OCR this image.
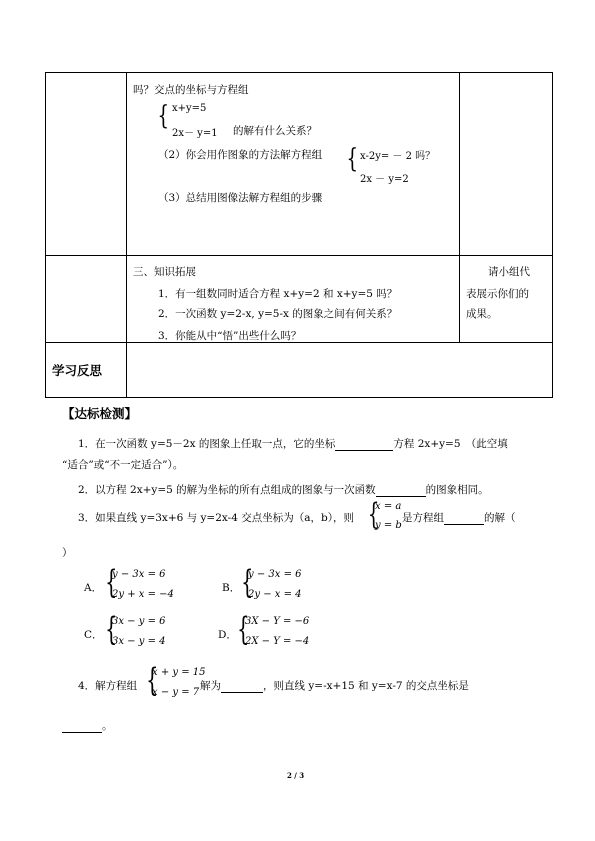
吗？交点的坐标与方程组
{ x+y=5
2x－ y=1 的解有什么关系？
（2）你会用作图象的方法解方程组 { x-2y= － 2 吗？
2x － y=2
（3）总结用图像法解方程组的步骤
三、知识拓展
1．有一组数同时适合方程 x+y=2 和 x+y=5 吗？
2．一次函数 y=2-x, y=5-x 的图象之间有何关系？
3．你能从中“悟”出些什么吗？
请小组代
表展示你们的
成果。
学习反思
【达标检测】
1．在一次函数 y=5－2x 的图象上任取一点，它的坐标	方程 2x+y=5　（此空填
“适合”或“不一定适合”）。
2．以方程 2x+y=5 的解为坐标的所有点组成的图象与一次函数	的图象相同。
3．如果直线 y=3x+6 与 y=2x-4 交点坐标为（a，b），则 {
x = a
y = b
是方程组	的解（
）
A． {
y − 3x = 6
2y + x = −4
B． {
y − 3x = 6
2y − x = 4
C． {
3x − y = 6
3x − y = 4
D． {
3X − Y = −6
2X − Y = −4
4．解方程组 {
x + y = 15
x − y = 7
解为	，则直线 y=-x+15 和 y=x-7 的交点坐标是
。
2 / 3
